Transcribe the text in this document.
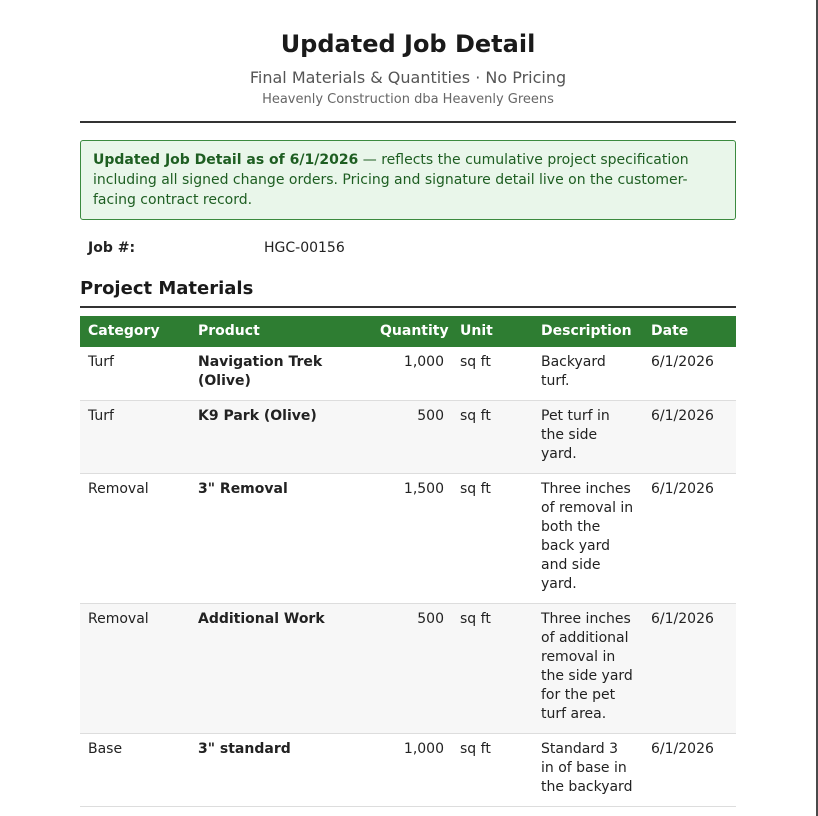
Updated Job Detail
Final Materials & Quantities · No Pricing
Heavenly Construction dba Heavenly Greens
Updated Job Detail as of 6/1/2026 — reflects the cumulative project specification including all signed change orders. Pricing and signature detail live on the customer-facing contract record.
Job #:	HGC-00156
Project Materials
Category	Product	Quantity	Unit	Description	Date
Turf	Navigation Trek (Olive)	1,000	sq ft	Backyard turf.	6/1/2026
Turf	K9 Park (Olive)	500	sq ft	Pet turf in the side yard.	6/1/2026
Removal	3" Removal	1,500	sq ft	Three inches of removal in both the back yard and side yard.	6/1/2026
Removal	Additional Work	500	sq ft	Three inches of additional removal in the side yard for the pet turf area.	6/1/2026
Base	3" standard	1,000	sq ft	Standard 3 in of base in the backyard	6/1/2026
